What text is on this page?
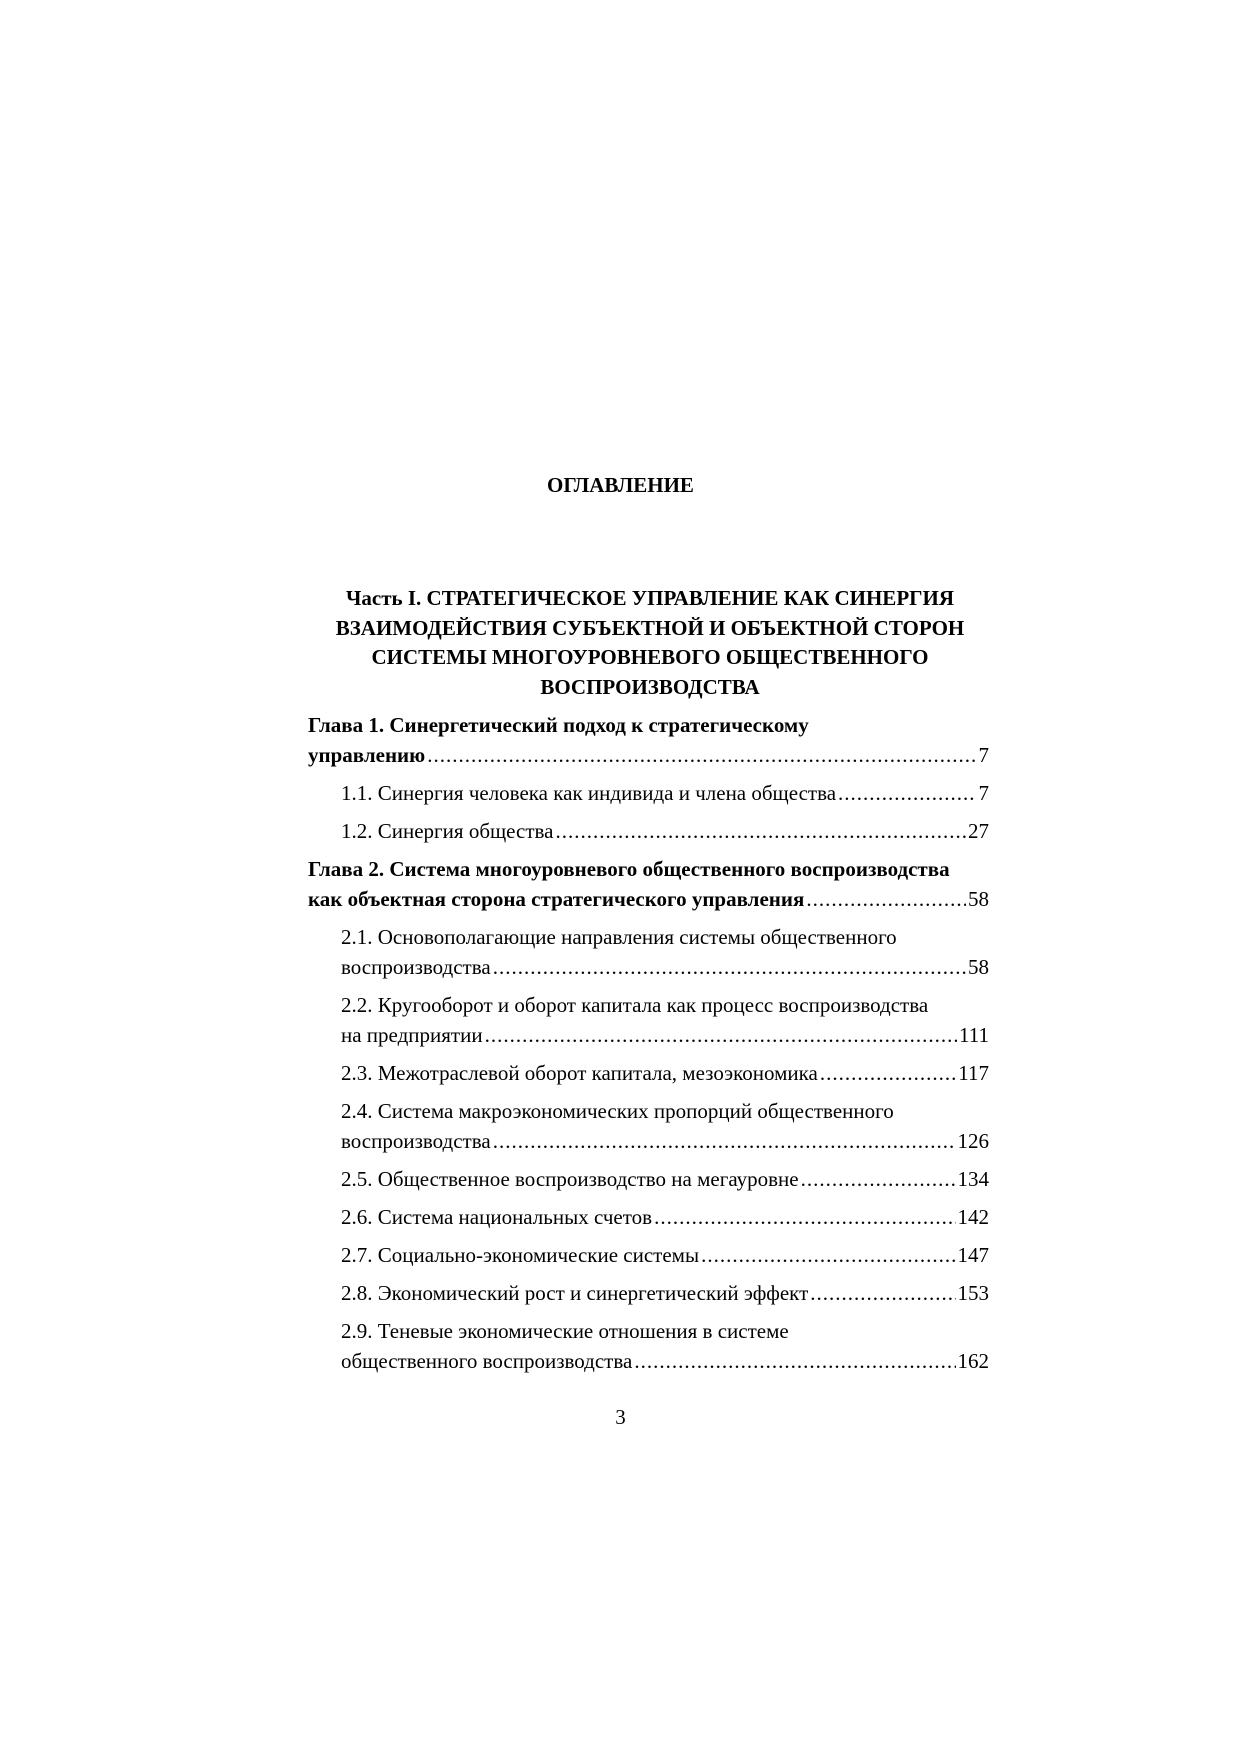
ОГЛАВЛЕНИЕ
Часть I. СТРАТЕГИЧЕСКОЕ УПРАВЛЕНИЕ КАК СИНЕРГИЯ
ВЗАИМОДЕЙСТВИЯ СУБЪЕКТНОЙ И ОБЪЕКТНОЙ СТОРОН
СИСТЕМЫ МНОГОУРОВНЕВОГО ОБЩЕСТВЕННОГО
ВОСПРОИЗВОДСТВА
Глава 1. Синергетический подход к стратегическому
управлению .....	7
1.1. Синергия человека как индивида и члена общества .....	7
1.2. Синергия общества .....	27
Глава 2. Система многоуровневого общественного воспроизводства
как объектная сторона стратегического управления .....	58
2.1. Основополагающие направления системы общественного
воспроизводства .....	58
2.2. Кругооборот и оборот капитала как процесс воспроизводства
на предприятии .....	111
2.3. Межотраслевой оборот капитала, мезоэкономика .....	117
2.4. Система макроэкономических пропорций общественного
воспроизводства .....	126
2.5. Общественное воспроизводство на мегауровне .....	134
2.6. Система национальных счетов .....	142
2.7. Социально-экономические системы .....	147
2.8. Экономический рост и синергетический эффект .....	153
2.9. Теневые экономические отношения в системе
общественного воспроизводства .....	162
3
